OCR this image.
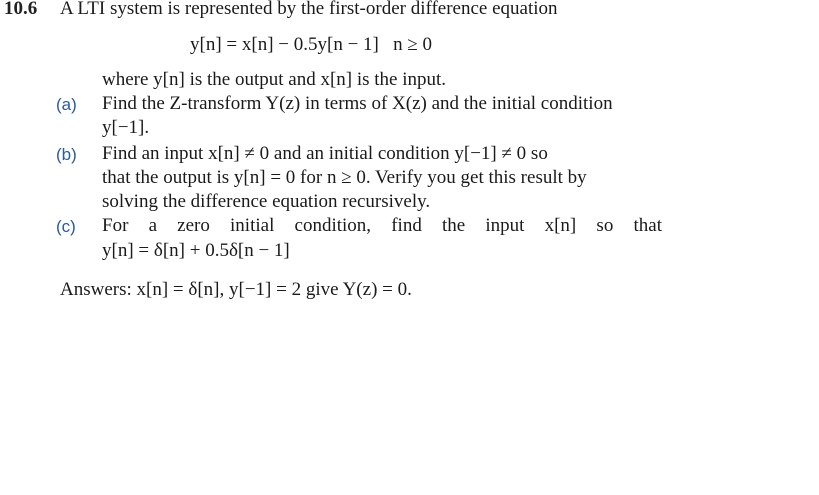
10.6 A LTI system is represented by the first-order difference equation
y[n] = x[n] − 0.5y[n − 1]   n ≥ 0
where y[n] is the output and x[n] is the input.
(a) Find the Z-transform Y(z) in terms of X(z) and the initial condition
y[−1].
(b) Find an input x[n] ≠ 0 and an initial condition y[−1] ≠ 0 so
that the output is y[n] = 0 for n ≥ 0. Verify you get this result by
solving the difference equation recursively.
(c) For a zero initial condition, find the input x[n] so that
y[n] = δ[n] + 0.5δ[n − 1]
Answers: x[n] = δ[n], y[−1] = 2 give Y(z) = 0.
